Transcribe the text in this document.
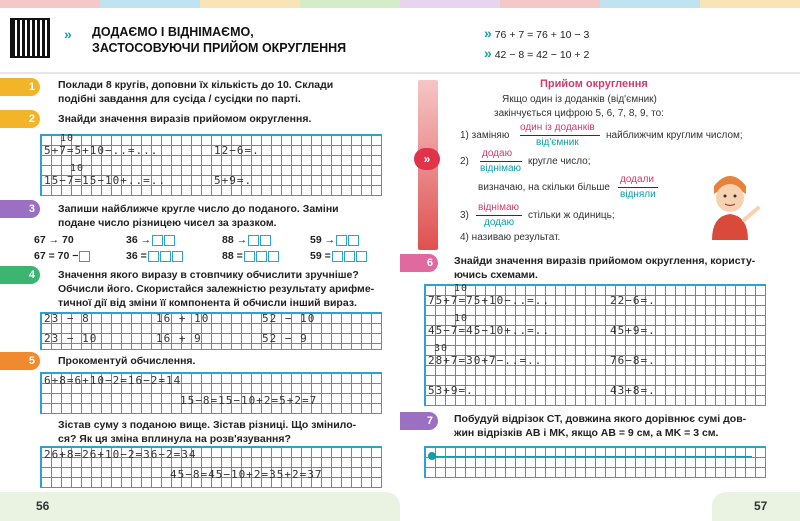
» ДОДАЄМО І ВІДНІМАЄМО,
ЗАСТОСОВУЮЧИ ПРИЙОМ ОКРУГЛЕННЯ
» 76 + 7 = 76 + 10 − 3
» 42 − 8 = 42 − 10 + 2
1	Поклади 8 кругів, доповни їх кількість до 10. Склади
подібні завдання для сусіда / сусідки по парті.
2	Знайди значення виразів прийомом округлення.
10
5+7=5+10−..=...	12−6=.
10
15−7=15−10+..=..	5+9=.
3	Запиши найближче кругле число до поданого. Заміни
подане число різницею чисел за зразком.
67 → 70	36 →	88 →	59 →
67 = 70 −	36 =	88 =	59 =
4	Значення якого виразу в стовпчику обчислити зручніше?
Обчисли його. Скористайся залежністю результату арифме-
тичної дії від зміни її компонента й обчисли інший вираз.
23 − 8	16 + 10	52 − 10
23 − 10	16 + 9	52 − 9
5	Прокоментуй обчислення.
6+8=6+10−2=16−2=14
15−8=15−10+2=5+2=7
Зістав суму з поданою вище. Зістав різниці. Що змінило-
ся? Як ця зміна вплинула на розв'язування?
26+8=26+10−2=36−2=34
45−8=45−10+2=35+2=37
56
»
Прийом округлення
Якщо один із доданків (від'ємник)
закінчується цифрою 5, 6, 7, 8, 9, то:
1) заміняю
один із доданків
від'ємник
найближчим круглим числом;
2)
додаю
віднімаю
кругле число;
визначаю, на скільки більше
додали
відняли
3)
віднімаю
додаю
стільки ж одиниць;
4) називаю результат.
6	Знайди значення виразів прийомом округлення, користу-
ючись схемами.
10
75+7=75+10−..=..	22−6=.
10
45−7=45−10+..=..	45+9=.
30
28+7=30+7−..=..	76−8=.
53+9=.	43+8=.
7	Побудуй відрізок CT, довжина якого дорівнює сумі дов-
жин відрізків AB і MK, якщо AB = 9 см, а MK = 3 см.
57
